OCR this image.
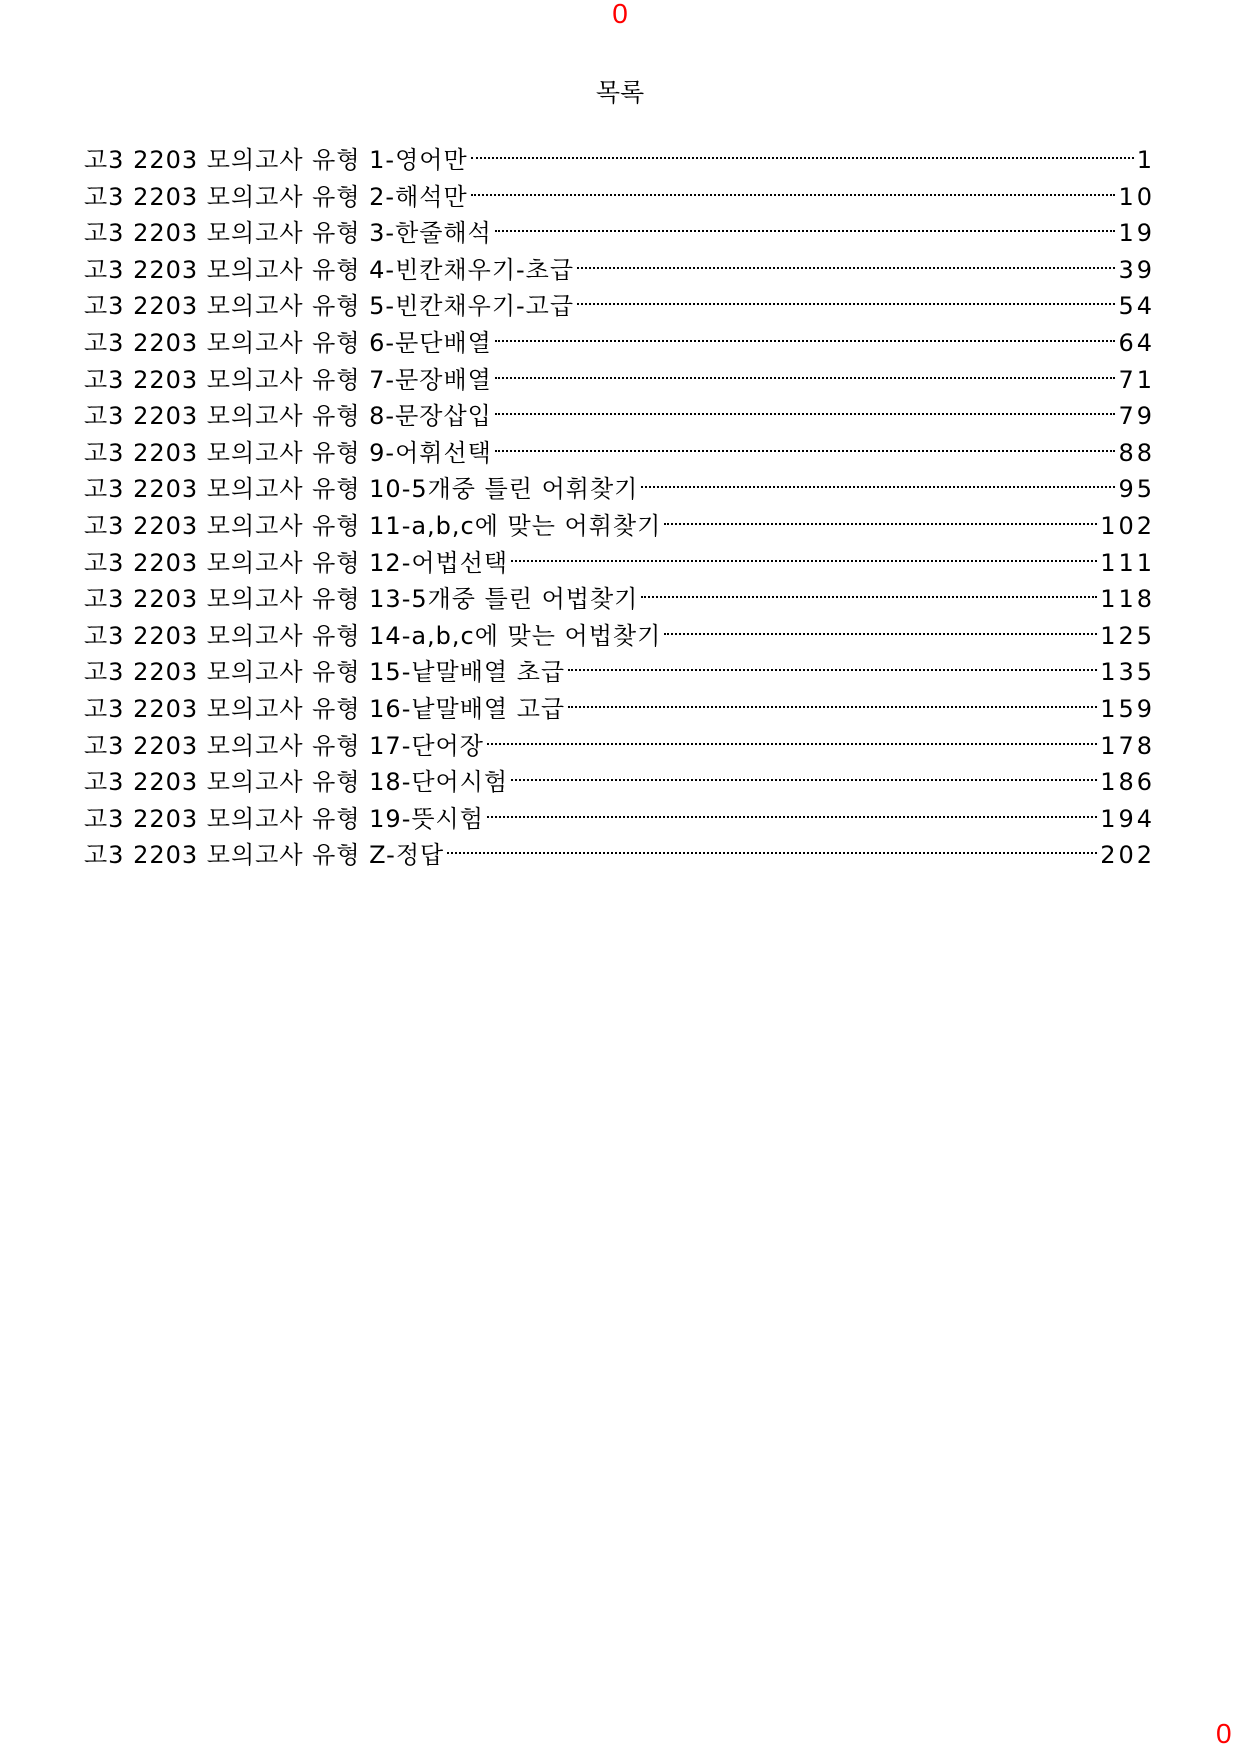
0
목록
고3 2203 모의고사 유형 1-영어만	1
고3 2203 모의고사 유형 2-해석만	10
고3 2203 모의고사 유형 3-한줄해석	19
고3 2203 모의고사 유형 4-빈칸채우기-초급	39
고3 2203 모의고사 유형 5-빈칸채우기-고급	54
고3 2203 모의고사 유형 6-문단배열	64
고3 2203 모의고사 유형 7-문장배열	71
고3 2203 모의고사 유형 8-문장삽입	79
고3 2203 모의고사 유형 9-어휘선택	88
고3 2203 모의고사 유형 10-5개중 틀린 어휘찾기	95
고3 2203 모의고사 유형 11-a,b,c에 맞는 어휘찾기	102
고3 2203 모의고사 유형 12-어법선택	111
고3 2203 모의고사 유형 13-5개중 틀린 어법찾기	118
고3 2203 모의고사 유형 14-a,b,c에 맞는 어법찾기	125
고3 2203 모의고사 유형 15-낱말배열 초급	135
고3 2203 모의고사 유형 16-낱말배열 고급	159
고3 2203 모의고사 유형 17-단어장	178
고3 2203 모의고사 유형 18-단어시험	186
고3 2203 모의고사 유형 19-뜻시험	194
고3 2203 모의고사 유형 Z-정답	202
0
